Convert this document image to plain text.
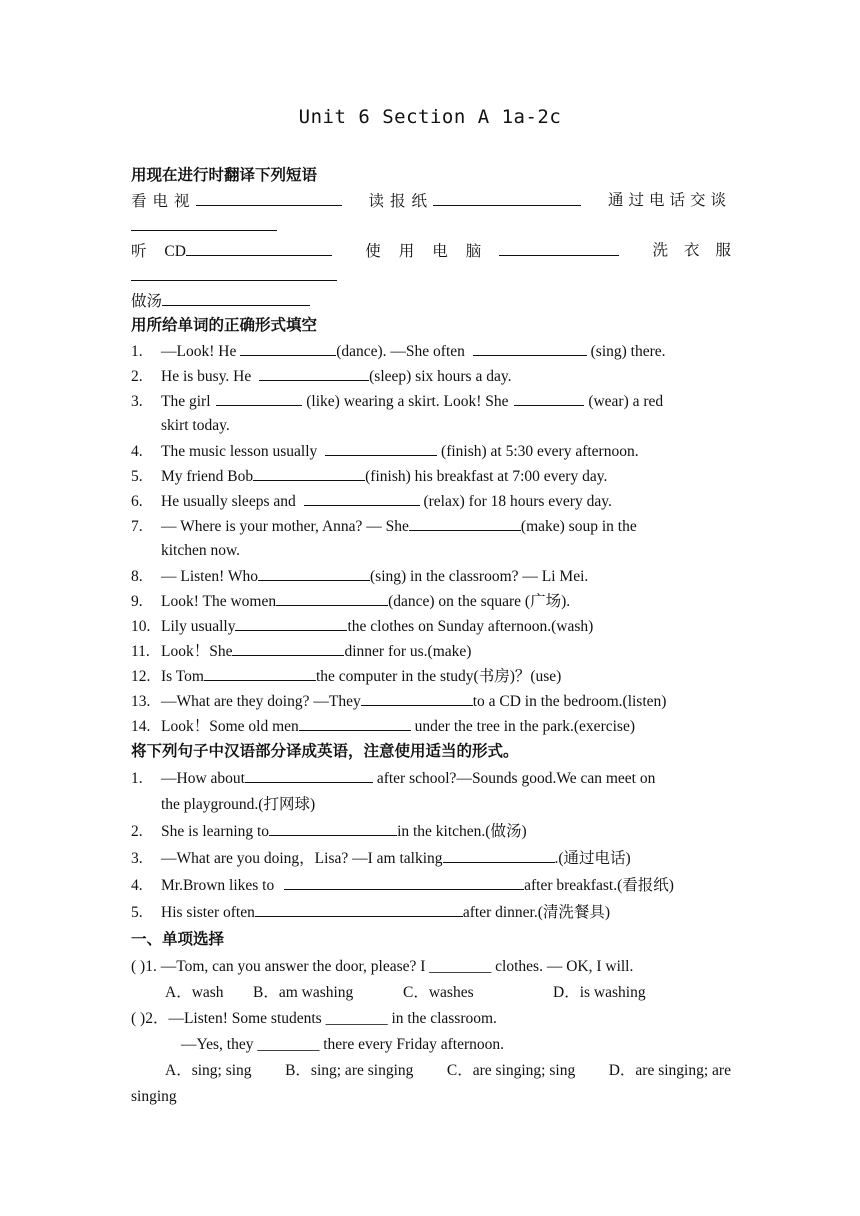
Unit 6 Section A 1a-2c
用现在进行时翻译下列短语
看电视	读报纸	通过电话交谈
听 CD	使用电脑	洗衣服
做汤
用所给单词的正确形式填空
1. —Look! He	(dance). —She often	(sing) there.
2. He is busy. He	(sleep) six hours a day.
3. The girl	(like) wearing a skirt. Look! She	(wear) a red
skirt today.
4. The music lesson usually	(finish) at 5:30 every afternoon.
5. My friend Bob	(finish) his breakfast at 7:00 every day.
6. He usually sleeps and	(relax) for 18 hours every day.
7. — Where is your mother, Anna? — She	(make) soup in the
kitchen now.
8. — Listen! Who	(sing) in the classroom? — Li Mei.
9. Look! The women	(dance) on the square (广场).
10. Lily usually	the clothes on Sunday afternoon.(wash)
11. Look！She	dinner for us.(make)
12. Is Tom	the computer in the study(书房)？(use)
13. —What are they doing? —They	to a CD in the bedroom.(listen)
14. Look！Some old men	under the tree in the park.(exercise)
将下列句子中汉语部分译成英语，注意使用适当的形式。
1. —How about	after school?—Sounds good.We can meet on
the playground.(打网球)
2. She is learning to	in the kitchen.(做汤)
3. —What are you doing，Lisa? —I am talking	.(通过电话)
4. Mr.Brown likes to	after breakfast.(看报纸)
5. His sister often	after dinner.(清洗餐具)
一、单项选择
( )1. —Tom, can you answer the door, please? I ________ clothes. — OK, I will.
A．wash	B．am washing	C．washes	D．is washing
( )2．—Listen! Some students ________ in the classroom.
—Yes, they ________ there every Friday afternoon.
A．sing; sing B．sing; are singing C．are singing; sing D．are singing; are
singing
